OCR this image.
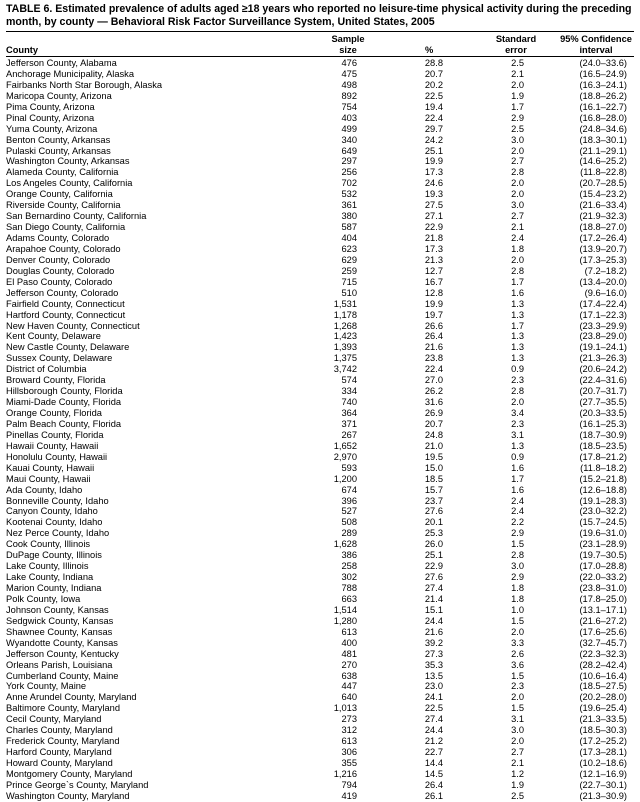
TABLE 6. Estimated prevalence of adults aged ≥18 years who reported no leisure-time physical activity during the preceding month, by county — Behavioral Risk Factor Surveillance System, United States, 2005
County
Sample
size	%
Standard
error
95% Confidence
interval
Jefferson County, Alabama	476	28.8	2.5	(24.0–33.6)
Anchorage Municipality, Alaska	475	20.7	2.1	(16.5–24.9)
Fairbanks North Star Borough, Alaska	498	20.2	2.0	(16.3–24.1)
Maricopa County, Arizona	892	22.5	1.9	(18.8–26.2)
Pima County, Arizona	754	19.4	1.7	(16.1–22.7)
Pinal County, Arizona	403	22.4	2.9	(16.8–28.0)
Yuma County, Arizona	499	29.7	2.5	(24.8–34.6)
Benton County, Arkansas	340	24.2	3.0	(18.3–30.1)
Pulaski County, Arkansas	649	25.1	2.0	(21.1–29.1)
Washington County, Arkansas	297	19.9	2.7	(14.6–25.2)
Alameda County, California	256	17.3	2.8	(11.8–22.8)
Los Angeles County, California	702	24.6	2.0	(20.7–28.5)
Orange County, California	532	19.3	2.0	(15.4–23.2)
Riverside County, California	361	27.5	3.0	(21.6–33.4)
San Bernardino County, California	380	27.1	2.7	(21.9–32.3)
San Diego County, California	587	22.9	2.1	(18.8–27.0)
Adams County, Colorado	404	21.8	2.4	(17.2–26.4)
Arapahoe County, Colorado	623	17.3	1.8	(13.9–20.7)
Denver County, Colorado	629	21.3	2.0	(17.3–25.3)
Douglas County, Colorado	259	12.7	2.8	(7.2–18.2)
El Paso County, Colorado	715	16.7	1.7	(13.4–20.0)
Jefferson County, Colorado	510	12.8	1.6	(9.6–16.0)
Fairfield County, Connecticut	1,531	19.9	1.3	(17.4–22.4)
Hartford County, Connecticut	1,178	19.7	1.3	(17.1–22.3)
New Haven County, Connecticut	1,268	26.6	1.7	(23.3–29.9)
Kent County, Delaware	1,423	26.4	1.3	(23.8–29.0)
New Castle County, Delaware	1,393	21.6	1.3	(19.1–24.1)
Sussex County, Delaware	1,375	23.8	1.3	(21.3–26.3)
District of Columbia	3,742	22.4	0.9	(20.6–24.2)
Broward County, Florida	574	27.0	2.3	(22.4–31.6)
Hillsborough County, Florida	334	26.2	2.8	(20.7–31.7)
Miami-Dade County, Florida	740	31.6	2.0	(27.7–35.5)
Orange County, Florida	364	26.9	3.4	(20.3–33.5)
Palm Beach County, Florida	371	20.7	2.3	(16.1–25.3)
Pinellas County, Florida	267	24.8	3.1	(18.7–30.9)
Hawaii County, Hawaii	1,652	21.0	1.3	(18.5–23.5)
Honolulu County, Hawaii	2,970	19.5	0.9	(17.8–21.2)
Kauai County, Hawaii	593	15.0	1.6	(11.8–18.2)
Maui County, Hawaii	1,200	18.5	1.7	(15.2–21.8)
Ada County, Idaho	674	15.7	1.6	(12.6–18.8)
Bonneville County, Idaho	396	23.7	2.4	(19.1–28.3)
Canyon County, Idaho	527	27.6	2.4	(23.0–32.2)
Kootenai County, Idaho	508	20.1	2.2	(15.7–24.5)
Nez Perce County, Idaho	289	25.3	2.9	(19.6–31.0)
Cook County, Illinois	1,628	26.0	1.5	(23.1–28.9)
DuPage County, Illinois	386	25.1	2.8	(19.7–30.5)
Lake County, Illinois	258	22.9	3.0	(17.0–28.8)
Lake County, Indiana	302	27.6	2.9	(22.0–33.2)
Marion County, Indiana	788	27.4	1.8	(23.8–31.0)
Polk County, Iowa	663	21.4	1.8	(17.8–25.0)
Johnson County, Kansas	1,514	15.1	1.0	(13.1–17.1)
Sedgwick County, Kansas	1,280	24.4	1.5	(21.6–27.2)
Shawnee County, Kansas	613	21.6	2.0	(17.6–25.6)
Wyandotte County, Kansas	400	39.2	3.3	(32.7–45.7)
Jefferson County, Kentucky	481	27.3	2.6	(22.3–32.3)
Orleans Parish, Louisiana	270	35.3	3.6	(28.2–42.4)
Cumberland County, Maine	638	13.5	1.5	(10.6–16.4)
York County, Maine	447	23.0	2.3	(18.5–27.5)
Anne Arundel County, Maryland	640	24.1	2.0	(20.2–28.0)
Baltimore County, Maryland	1,013	22.5	1.5	(19.6–25.4)
Cecil County, Maryland	273	27.4	3.1	(21.3–33.5)
Charles County, Maryland	312	24.4	3.0	(18.5–30.3)
Frederick County, Maryland	613	21.2	2.0	(17.2–25.2)
Harford County, Maryland	306	22.7	2.7	(17.3–28.1)
Howard County, Maryland	355	14.4	2.1	(10.2–18.6)
Montgomery County, Maryland	1,216	14.5	1.2	(12.1–16.9)
Prince George`s County, Maryland	794	26.4	1.9	(22.7–30.1)
Washington County, Maryland	419	26.1	2.5	(21.3–30.9)
